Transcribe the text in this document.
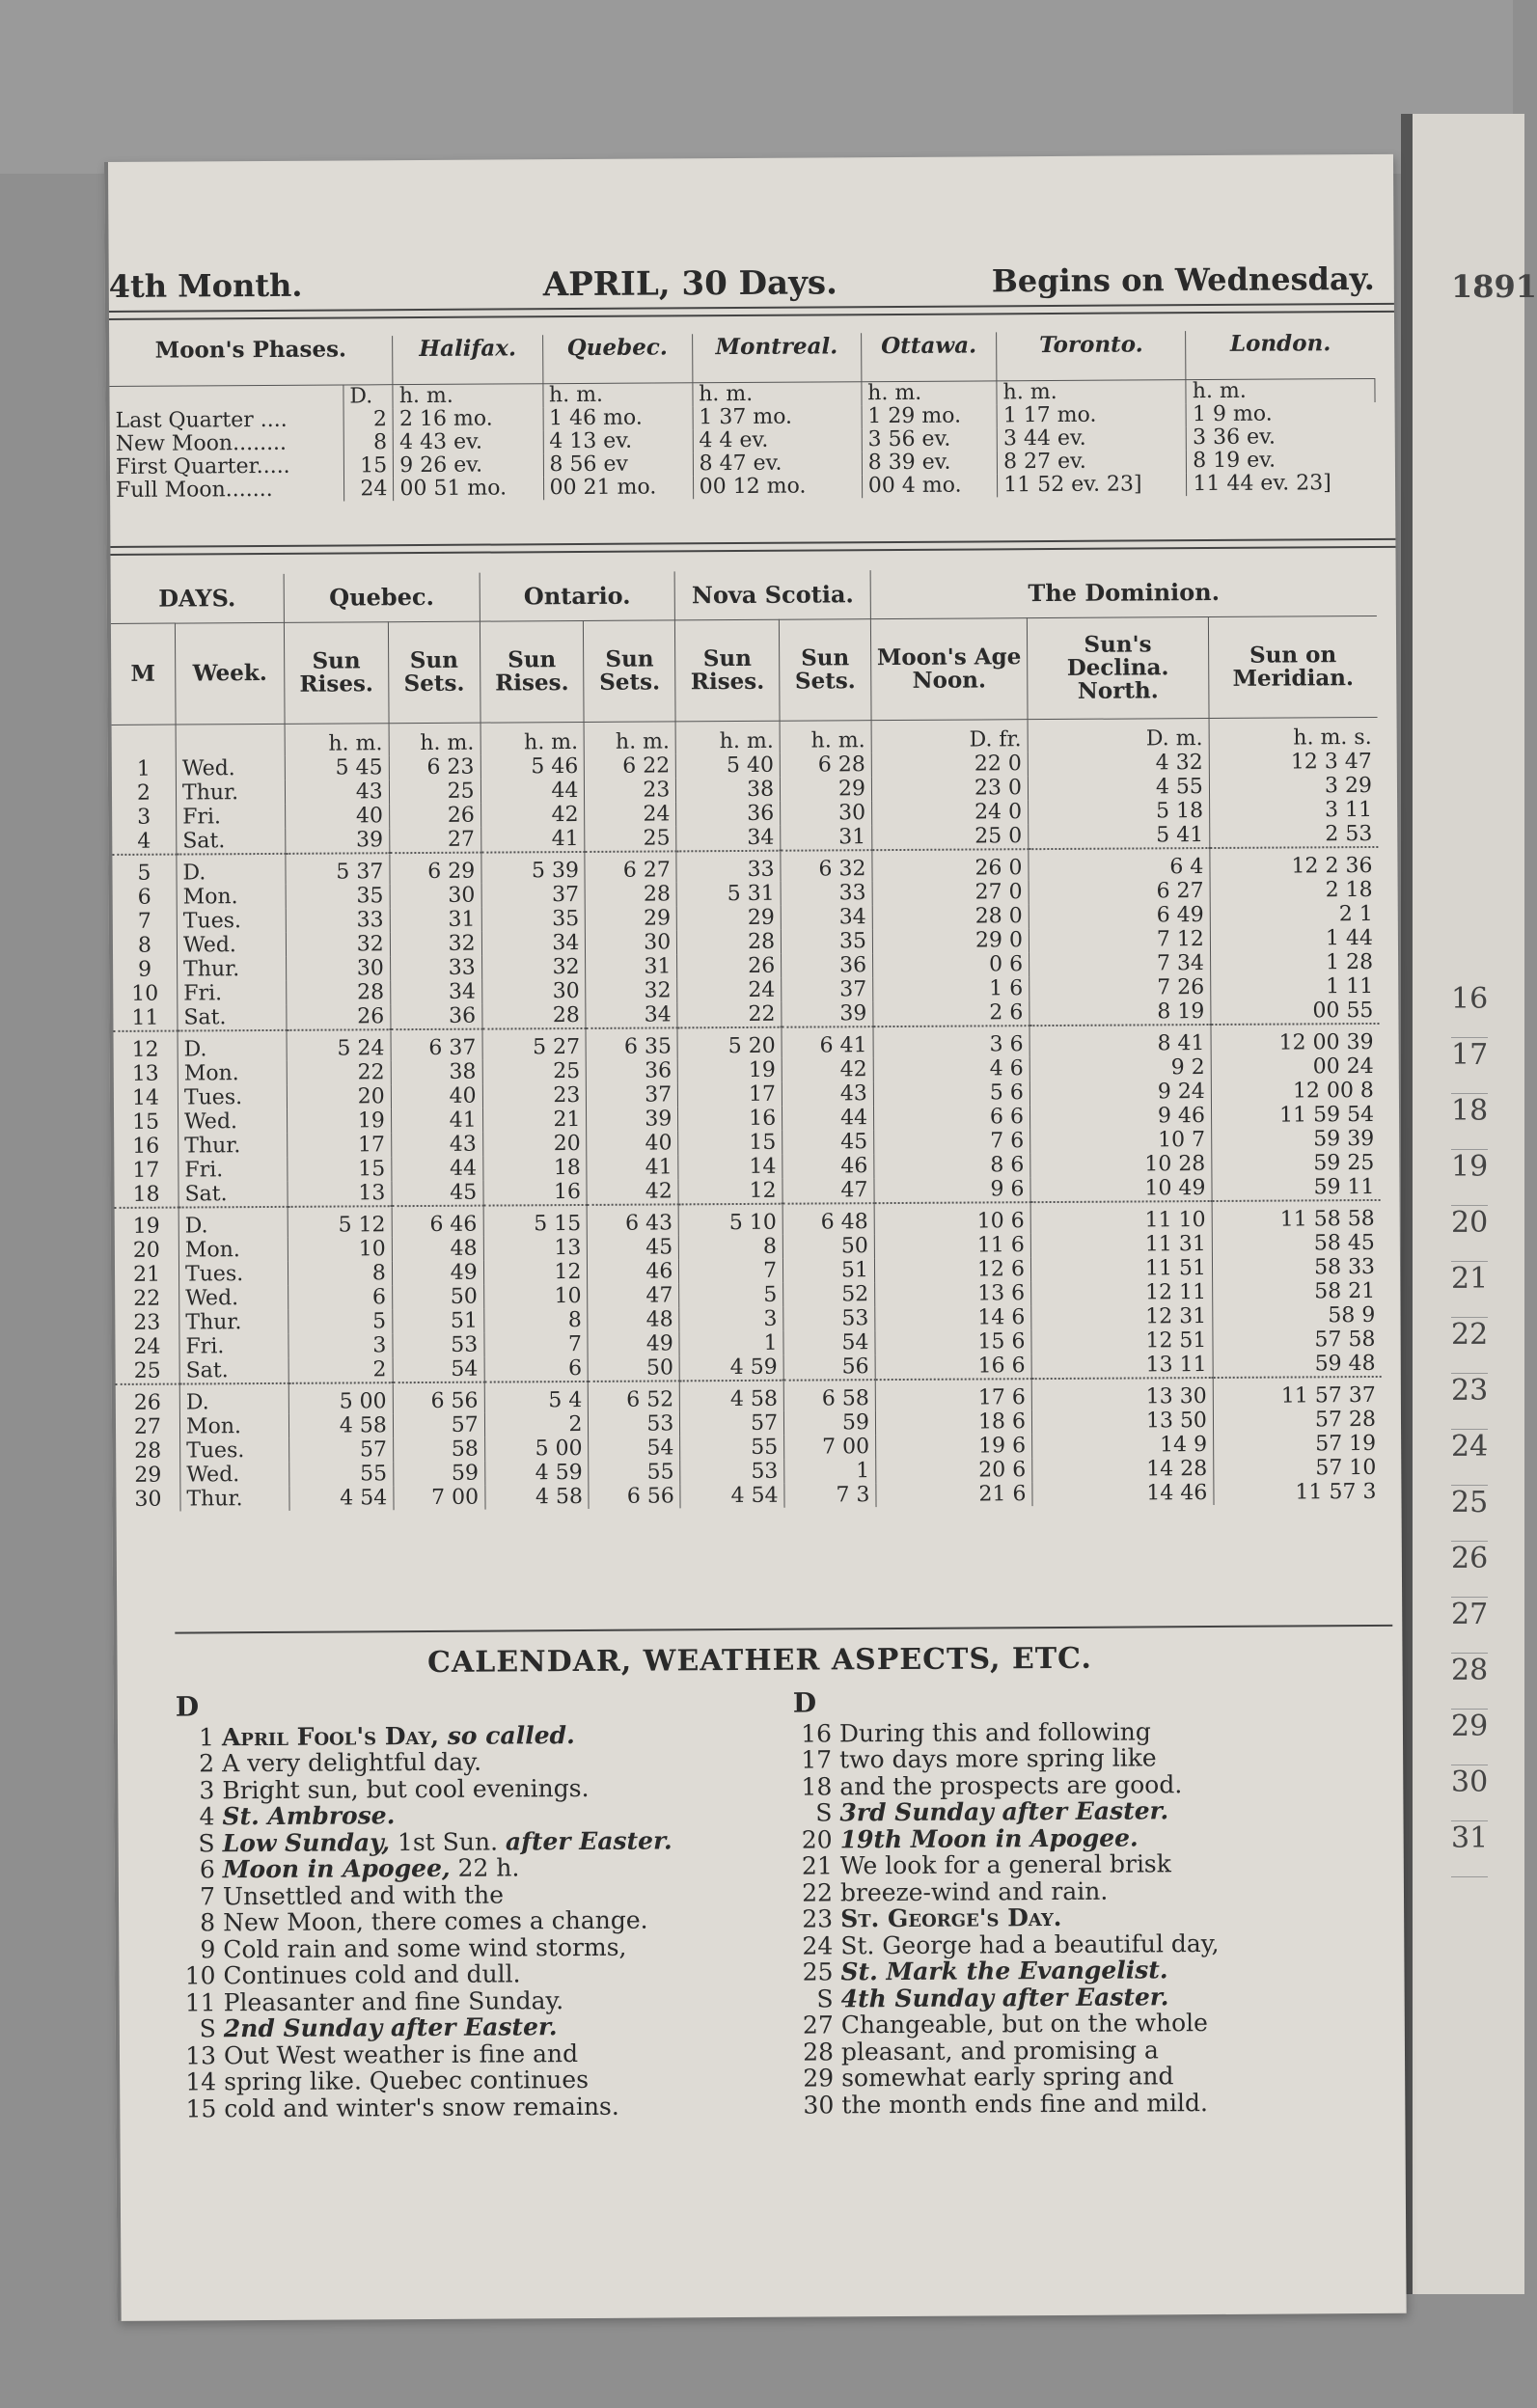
1891
16
17
18
19
20
21
22
23
24
25
26
27
28
29
30
31
4th Month.	APRIL, 30 Days.	Begins on Wednesday.
Moon's Phases.		Halifax.	Quebec.	Montreal.	Ottawa.	Toronto.	London.
	D.	h. m.	h. m.	h. m.	h. m.	h. m.	h. m.
Last Quarter ....	2	2 16 mo.	1 46 mo.	1 37 mo.	1 29 mo.	1 17 mo.	1 9 mo.
New Moon........	8	4 43 ev.	4 13 ev.	4 4 ev.	3 56 ev.	3 44 ev.	3 36 ev.
First Quarter.....	15	9 26 ev.	8 56 ev	8 47 ev.	8 39 ev.	8 27 ev.	8 19 ev.
Full Moon.......	24	00 51 mo.	00 21 mo.	00 12 mo.	00 4 mo.	11 52 ev. 23]	11 44 ev. 23]
DAYS.		Quebec.		Ontario.		Nova Scotia.		The Dominion.		
M	Week.	Sun Rises.	Sun Sets.	Sun Rises.	Sun Sets.	Sun Rises.	Sun Sets.	Moon's Age Noon.	Sun's Declina. North.	Sun on Meridian.
		h. m.	h. m.	h. m.	h. m.	h. m.	h. m.	D. fr.	D. m.	h. m. s.
1	Wed.	5 45	6 23	5 46	6 22	5 40	6 28	22 0	4 32	12 3 47
2	Thur.	43	25	44	23	38	29	23 0	4 55	3 29
3	Fri.	40	26	42	24	36	30	24 0	5 18	3 11
4	Sat.	39	27	41	25	34	31	25 0	5 41	2 53
5	D.	5 37	6 29	5 39	6 27	33	6 32	26 0	6 4	12 2 36
6	Mon.	35	30	37	28	5 31	33	27 0	6 27	2 18
7	Tues.	33	31	35	29	29	34	28 0	6 49	2 1
8	Wed.	32	32	34	30	28	35	29 0	7 12	1 44
9	Thur.	30	33	32	31	26	36	0 6	7 34	1 28
10	Fri.	28	34	30	32	24	37	1 6	7 26	1 11
11	Sat.	26	36	28	34	22	39	2 6	8 19	00 55
12	D.	5 24	6 37	5 27	6 35	5 20	6 41	3 6	8 41	12 00 39
13	Mon.	22	38	25	36	19	42	4 6	9 2	00 24
14	Tues.	20	40	23	37	17	43	5 6	9 24	12 00 8
15	Wed.	19	41	21	39	16	44	6 6	9 46	11 59 54
16	Thur.	17	43	20	40	15	45	7 6	10 7	59 39
17	Fri.	15	44	18	41	14	46	8 6	10 28	59 25
18	Sat.	13	45	16	42	12	47	9 6	10 49	59 11
19	D.	5 12	6 46	5 15	6 43	5 10	6 48	10 6	11 10	11 58 58
20	Mon.	10	48	13	45	8	50	11 6	11 31	58 45
21	Tues.	8	49	12	46	7	51	12 6	11 51	58 33
22	Wed.	6	50	10	47	5	52	13 6	12 11	58 21
23	Thur.	5	51	8	48	3	53	14 6	12 31	58 9
24	Fri.	3	53	7	49	1	54	15 6	12 51	57 58
25	Sat.	2	54	6	50	4 59	56	16 6	13 11	59 48
26	D.	5 00	6 56	5 4	6 52	4 58	6 58	17 6	13 30	11 57 37
27	Mon.	4 58	57	2	53	57	59	18 6	13 50	57 28
28	Tues.	57	58	5 00	54	55	7 00	19 6	14 9	57 19
29	Wed.	55	59	4 59	55	53	1	20 6	14 28	57 10
30	Thur.	4 54	7 00	4 58	6 56	4 54	7 3	21 6	14 46	11 57 3
CALENDAR, WEATHER ASPECTS, ETC.
D
1 April Fool's Day, so called.
2 A very delightful day.
3 Bright sun, but cool evenings.
4 St. Ambrose.
S Low Sunday, 1st Sun. after Easter.
6 Moon in Apogee, 22 h.
7 Unsettled and with the
8 New Moon, there comes a change.
9 Cold rain and some wind storms,
10 Continues cold and dull.
11 Pleasanter and fine Sunday.
S 2nd Sunday after Easter.
13 Out West weather is fine and
14 spring like. Quebec continues
15 cold and winter's snow remains.
D
16 During this and following
17 two days more spring like
18 and the prospects are good.
S 3rd Sunday after Easter.
20 19th Moon in Apogee.
21 We look for a general brisk
22 breeze-wind and rain.
23 St. George's Day.
24 St. George had a beautiful day,
25 St. Mark the Evangelist.
S 4th Sunday after Easter.
27 Changeable, but on the whole
28 pleasant, and promising a
29 somewhat early spring and
30 the month ends fine and mild.
